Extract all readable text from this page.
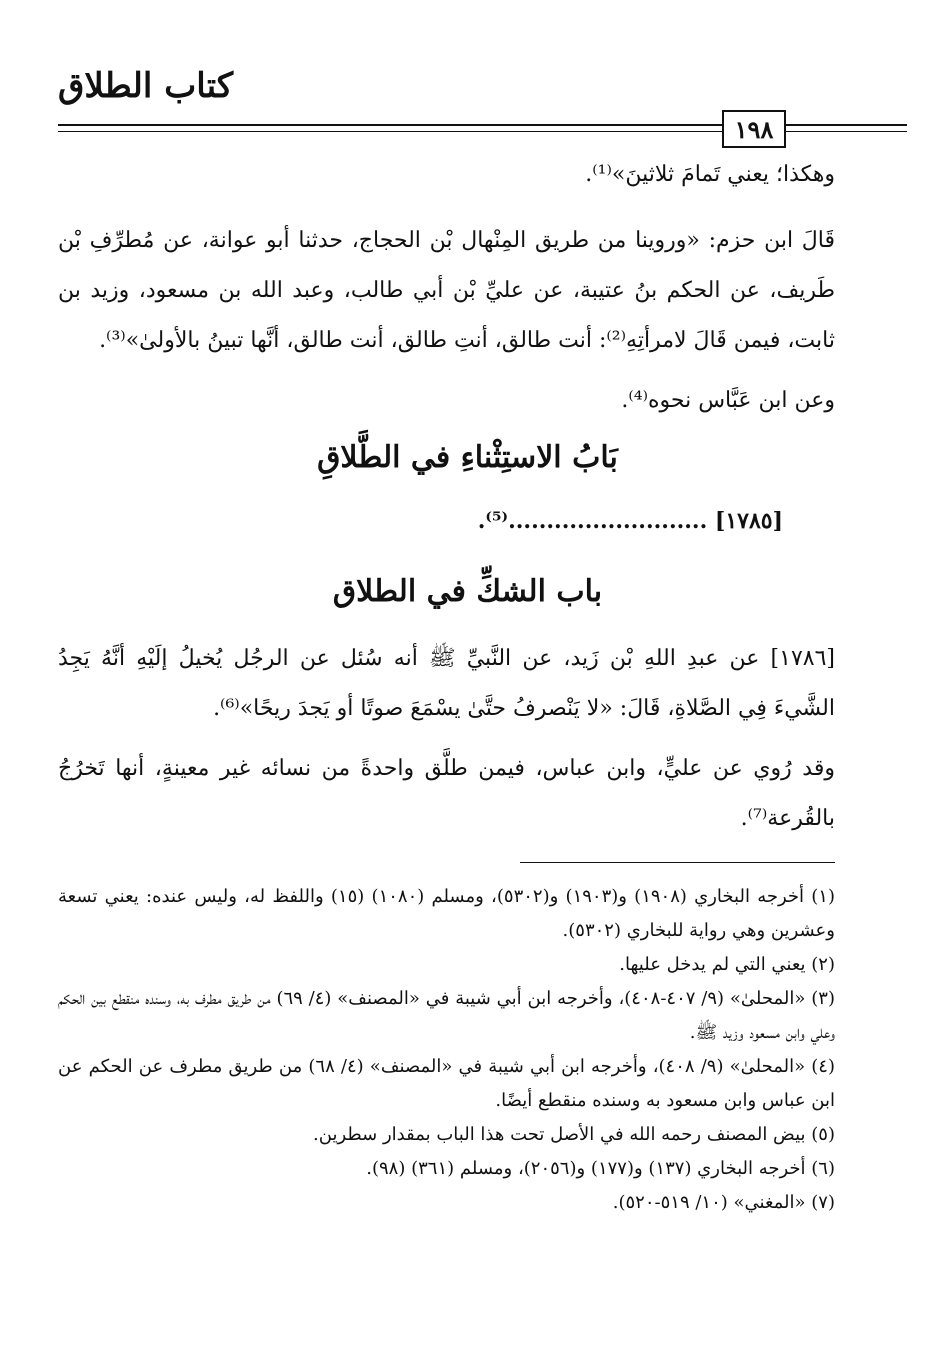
كتاب الطلاق
١٩٨
وهكذا؛ يعني تَمامَ ثلاثينَ»⁽¹⁾.
قَالَ ابن حزم: «وروينا من طريق المِنْهال بْن الحجاج، حدثنا أبو عوانة، عن مُطرِّفِ بْن طَريف، عن الحكم بنُ عتيبة، عن عليِّ بْن أبي طالب، وعبد الله بن مسعود، وزيد بن ثابت، فيمن قَالَ لامرأتِهِ⁽²⁾: أنت طالق، أنتِ طالق، أنت طالق، أنَّها تبينُ بالأولىٰ»⁽³⁾.
وعن ابن عَبَّاس نحوه⁽⁴⁾.
بَابُ الاستِثْناءِ في الطَّلاقِ
[١٧٨٥] ..........................⁽⁵⁾.
باب الشكِّ في الطلاق
[١٧٨٦] عن عبدِ اللهِ بْن زَيد، عن النَّبيِّ ﷺ أنه سُئل عن الرجُل يُخيلُ إلَيْهِ أنَّهُ يَجِدُ الشَّيءَ فِي الصَّلاةِ، قَالَ: «لا يَنْصرفُ حتَّىٰ يسْمَعَ صوتًا أو يَجدَ ريحًا»⁽⁶⁾.
وقد رُوي عن عليٍّ، وابن عباس، فيمن طلَّق واحدةً من نسائه غير معينةٍ، أنها تَخرُجُ بالقُرعة⁽⁷⁾.
(١) أخرجه البخاري (١٩٠٨) و(١٩٠٣) و(٥٣٠٢)، ومسلم (١٠٨٠) (١٥) واللفظ له، وليس عنده: يعني تسعة وعشرين وهي رواية للبخاري (٥٣٠٢).
(٢) يعني التي لم يدخل عليها.
(٣) «المحلىٰ» (٩/ ٤٠٧-٤٠٨)، وأخرجه ابن أبي شيبة في «المصنف» (٤/ ٦٩) من طريق مطرف به، وسنده منقطع بين الحكم وعلي وابن مسعود وزيد ﷺ.
(٤) «المحلىٰ» (٩/ ٤٠٨)، وأخرجه ابن أبي شيبة في «المصنف» (٤/ ٦٨) من طريق مطرف عن الحكم عن ابن عباس وابن مسعود به وسنده منقطع أيضًا.
(٥) بيض المصنف رحمه الله في الأصل تحت هذا الباب بمقدار سطرين.
(٦) أخرجه البخاري (١٣٧) و(١٧٧) و(٢٠٥٦)، ومسلم (٣٦١) (٩٨).
(٧) «المغني» (١٠/ ٥١٩-٥٢٠).
